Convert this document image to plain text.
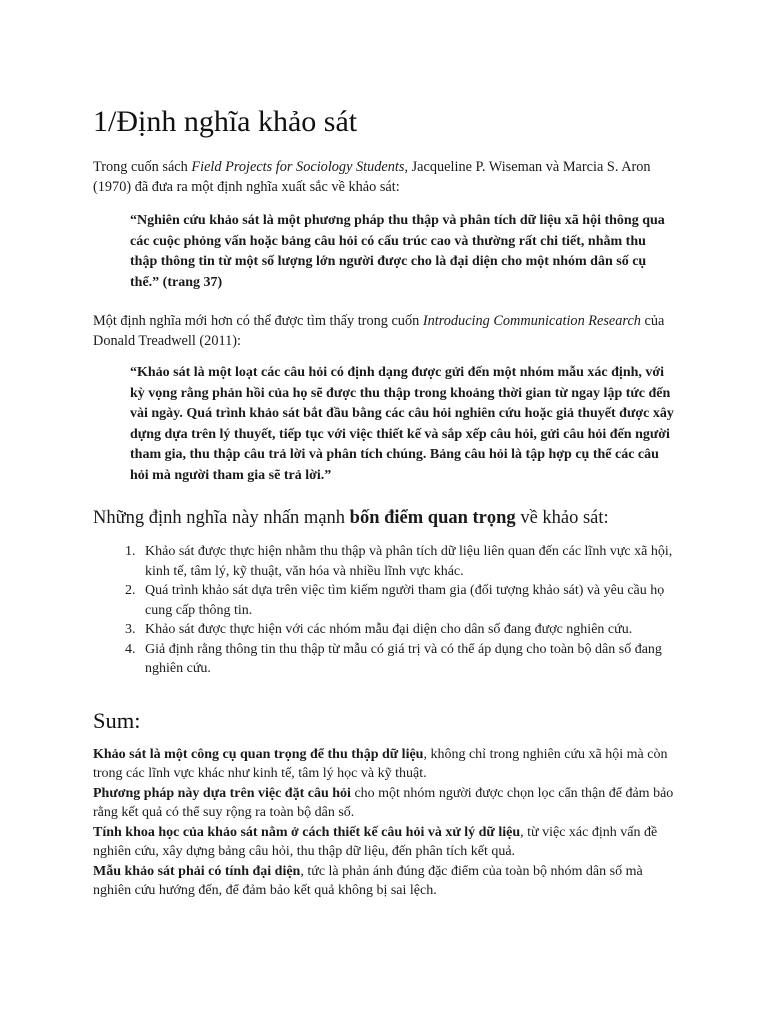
1/Định nghĩa khảo sát

Trong cuốn sách Field Projects for Sociology Students, Jacqueline P. Wiseman và Marcia S. Aron (1970) đã đưa ra một định nghĩa xuất sắc về khảo sát:

“Nghiên cứu khảo sát là một phương pháp thu thập và phân tích dữ liệu xã hội thông qua các cuộc phỏng vấn hoặc bảng câu hỏi có cấu trúc cao và thường rất chi tiết, nhằm thu thập thông tin từ một số lượng lớn người được cho là đại diện cho một nhóm dân số cụ thể.” (trang 37)

Một định nghĩa mới hơn có thể được tìm thấy trong cuốn Introducing Communication Research của Donald Treadwell (2011):

“Khảo sát là một loạt các câu hỏi có định dạng được gửi đến một nhóm mẫu xác định, với kỳ vọng rằng phản hồi của họ sẽ được thu thập trong khoảng thời gian từ ngay lập tức đến vài ngày. Quá trình khảo sát bắt đầu bằng các câu hỏi nghiên cứu hoặc giả thuyết được xây dựng dựa trên lý thuyết, tiếp tục với việc thiết kế và sắp xếp câu hỏi, gửi câu hỏi đến người tham gia, thu thập câu trả lời và phân tích chúng. Bảng câu hỏi là tập hợp cụ thể các câu hỏi mà người tham gia sẽ trả lời.”

Những định nghĩa này nhấn mạnh bốn điểm quan trọng về khảo sát:

1. Khảo sát được thực hiện nhằm thu thập và phân tích dữ liệu liên quan đến các lĩnh vực xã hội, kinh tế, tâm lý, kỹ thuật, văn hóa và nhiều lĩnh vực khác.
2. Quá trình khảo sát dựa trên việc tìm kiếm người tham gia (đối tượng khảo sát) và yêu cầu họ cung cấp thông tin.
3. Khảo sát được thực hiện với các nhóm mẫu đại diện cho dân số đang được nghiên cứu.
4. Giả định rằng thông tin thu thập từ mẫu có giá trị và có thể áp dụng cho toàn bộ dân số đang nghiên cứu.
Sum:

Khảo sát là một công cụ quan trọng để thu thập dữ liệu, không chỉ trong nghiên cứu xã hội mà còn trong các lĩnh vực khác như kinh tế, tâm lý học và kỹ thuật.

Phương pháp này dựa trên việc đặt câu hỏi cho một nhóm người được chọn lọc cẩn thận để đảm bảo rằng kết quả có thể suy rộng ra toàn bộ dân số.

Tính khoa học của khảo sát nằm ở cách thiết kế câu hỏi và xử lý dữ liệu, từ việc xác định vấn đề nghiên cứu, xây dựng bảng câu hỏi, thu thập dữ liệu, đến phân tích kết quả.

Mẫu khảo sát phải có tính đại diện, tức là phản ánh đúng đặc điểm của toàn bộ nhóm dân số mà nghiên cứu hướng đến, để đảm bảo kết quả không bị sai lệch.
